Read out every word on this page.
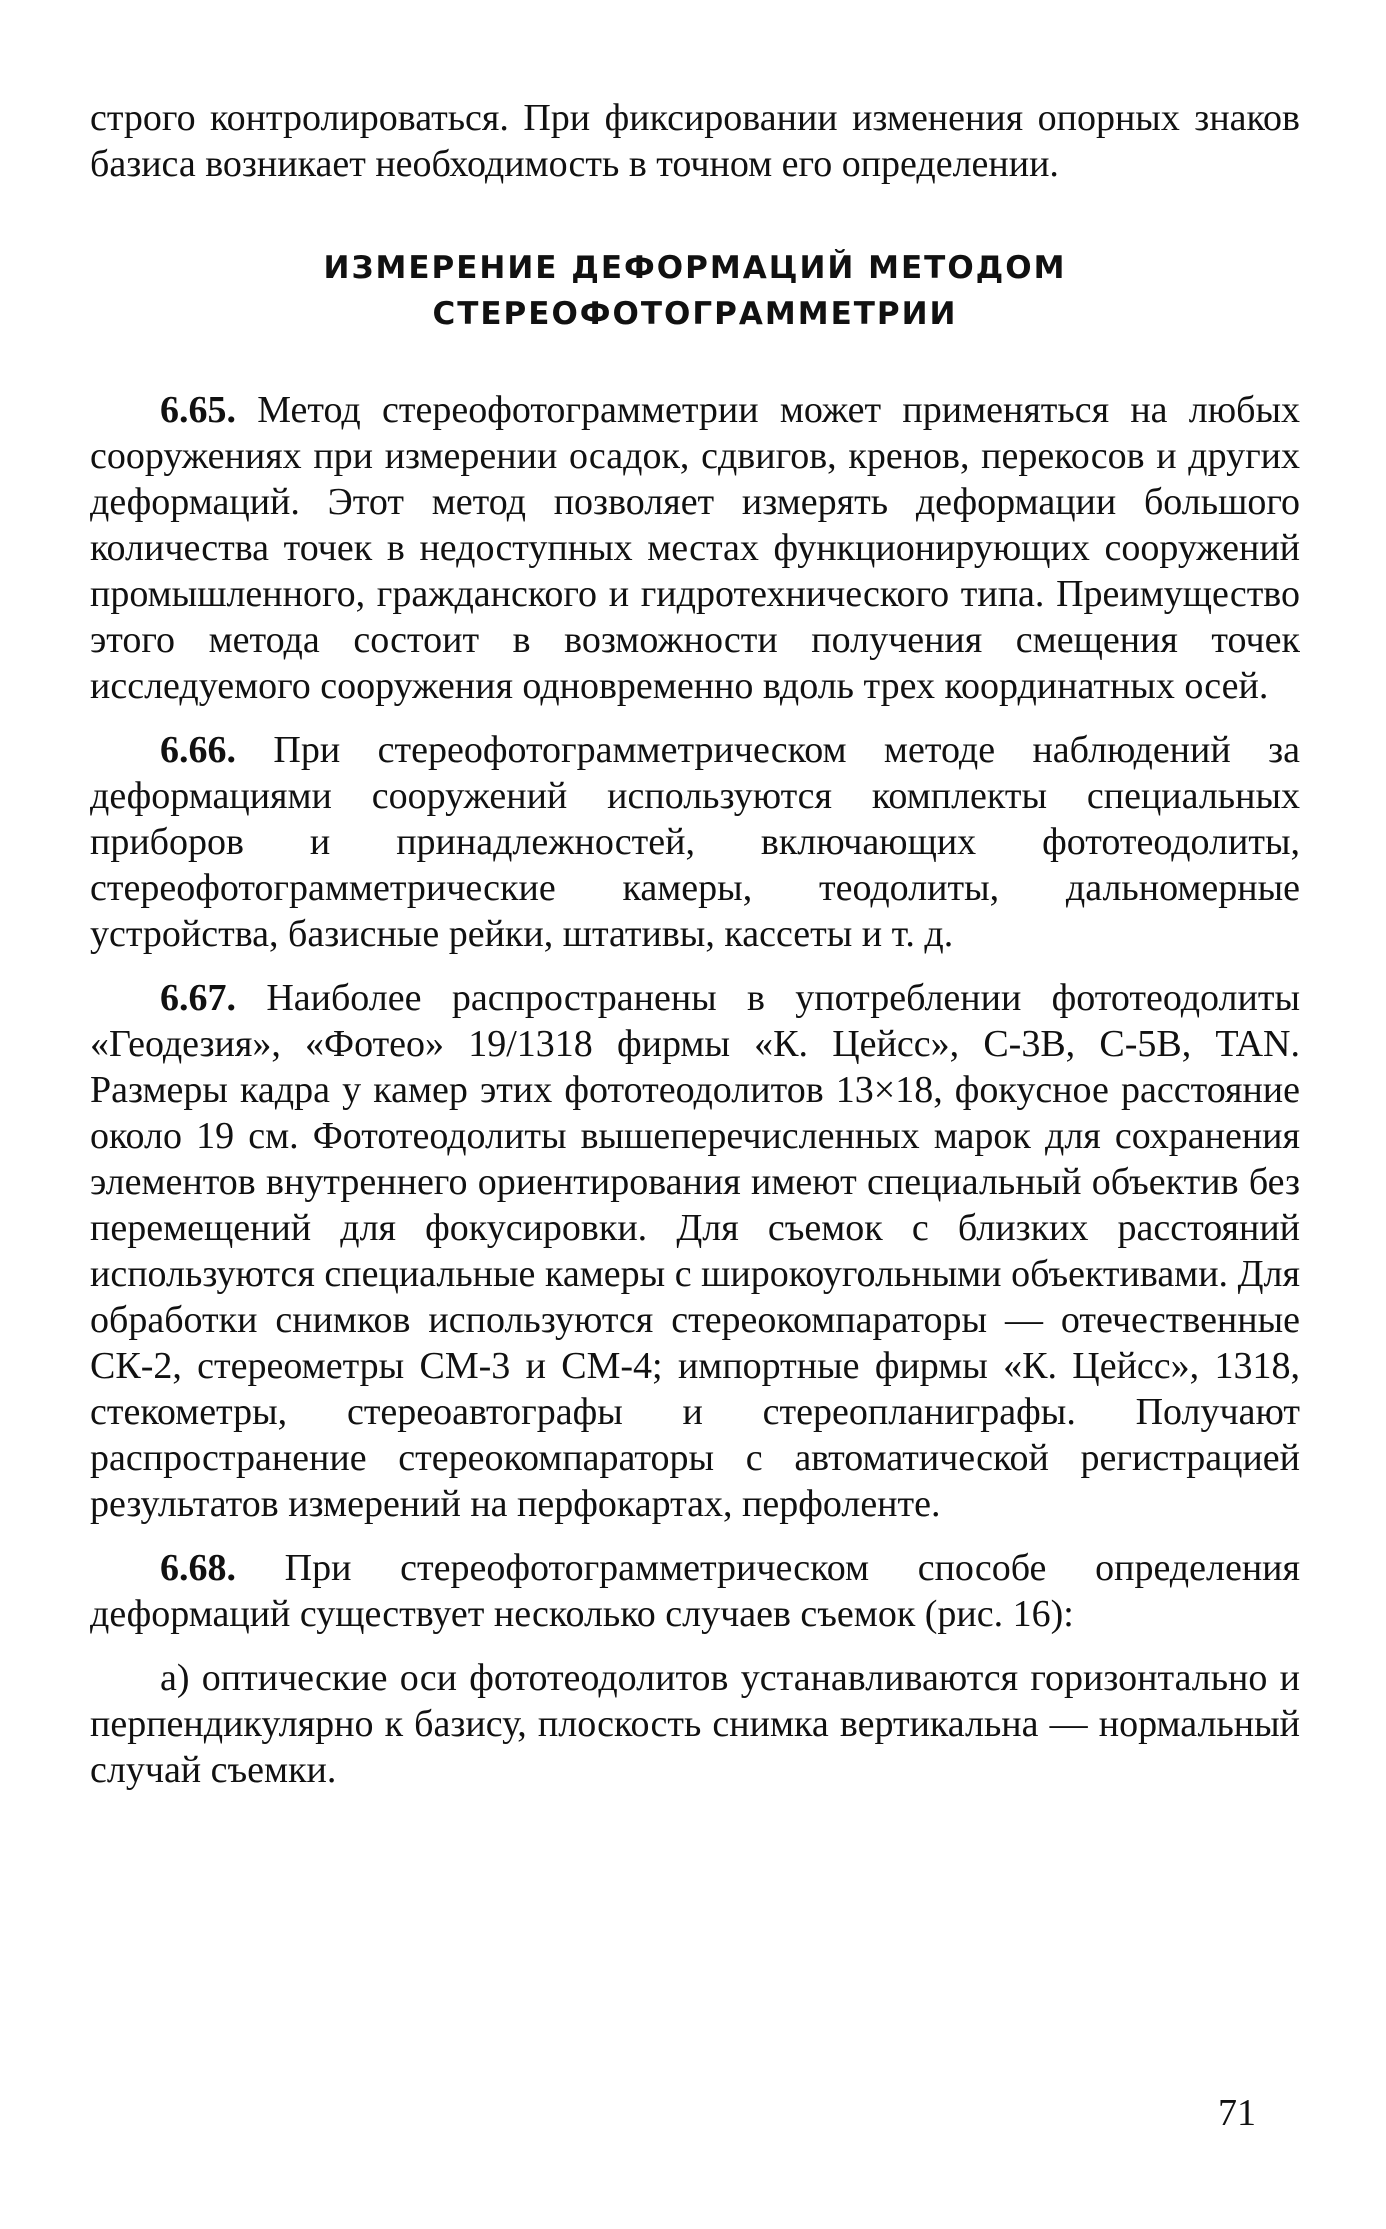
строго контролироваться. При фиксировании изменения опорных знаков базиса возникает необходимость в точном его определении.

ИЗМЕРЕНИЕ ДЕФОРМАЦИЙ МЕТОДОМ
СТЕРЕОФОТОГРАММЕТРИИ

6.65. Метод стереофотограмметрии может применяться на любых сооружениях при измерении осадок, сдвигов, кренов, перекосов и других деформаций. Этот метод позволяет измерять деформации большого количества точек в недоступных местах функционирующих сооружений промышленного, гражданского и гидротехнического типа. Преимущество этого метода состоит в возможности получения смещения точек исследуемого сооружения одновременно вдоль трех координатных осей.

6.66. При стереофотограмметрическом методе наблюдений за деформациями сооружений используются комплекты специальных приборов и принадлежностей, включающих фототеодолиты, стереофотограмметрические камеры, теодолиты, дальномерные устройства, базисные рейки, штативы, кассеты и т. д.

6.67. Наиболее распространены в употреблении фототеодолиты «Геодезия», «Фотео» 19/1318 фирмы «К. Цейсс», С-3В, С-5В, TAN. Размеры кадра у камер этих фототеодолитов 13×18, фокусное расстояние около 19 см. Фототеодолиты вышеперечисленных марок для сохранения элементов внутреннего ориентирования имеют специальный объектив без перемещений для фокусировки. Для съемок с близких расстояний используются специальные камеры с широкоугольными объективами. Для обработки снимков используются стереокомпараторы — отечественные СК-2, стереометры СМ-3 и СМ-4; импортные фирмы «К. Цейсс», 1318, стекометры, стереоавтографы и стереопланиграфы. Получают распространение стереокомпараторы с автоматической регистрацией результатов измерений на перфокартах, перфоленте.

6.68. При стереофотограмметрическом способе определения деформаций существует несколько случаев съемок (рис. 16):

а) оптические оси фототеодолитов устанавливаются горизонтально и перпендикулярно к базису, плоскость снимка вертикальна — нормальный случай съемки.

71
